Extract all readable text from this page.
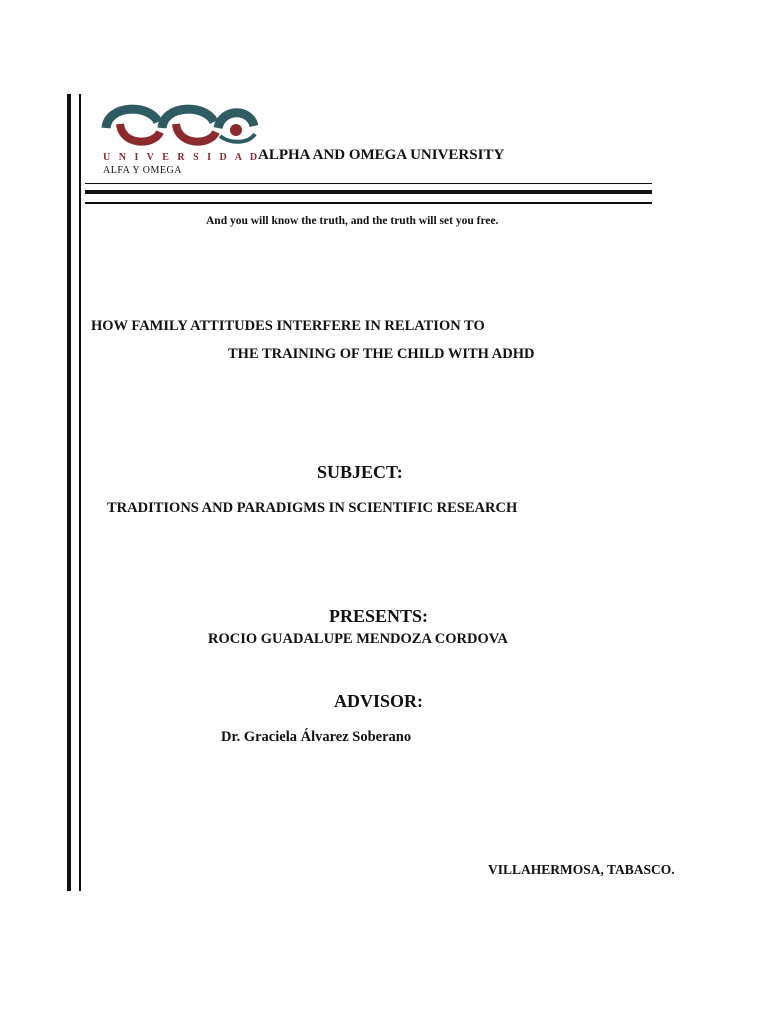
U N I V E R S I D A D
ALFA Y OMEGA
ALPHA AND OMEGA UNIVERSITY
And you will know the truth, and the truth will set you free.
HOW FAMILY ATTITUDES INTERFERE IN RELATION TO
THE TRAINING OF THE CHILD WITH ADHD
SUBJECT:
TRADITIONS AND PARADIGMS IN SCIENTIFIC RESEARCH
PRESENTS:
ROCIO GUADALUPE MENDOZA CORDOVA
ADVISOR:
Dr. Graciela Álvarez Soberano
VILLAHERMOSA, TABASCO.
